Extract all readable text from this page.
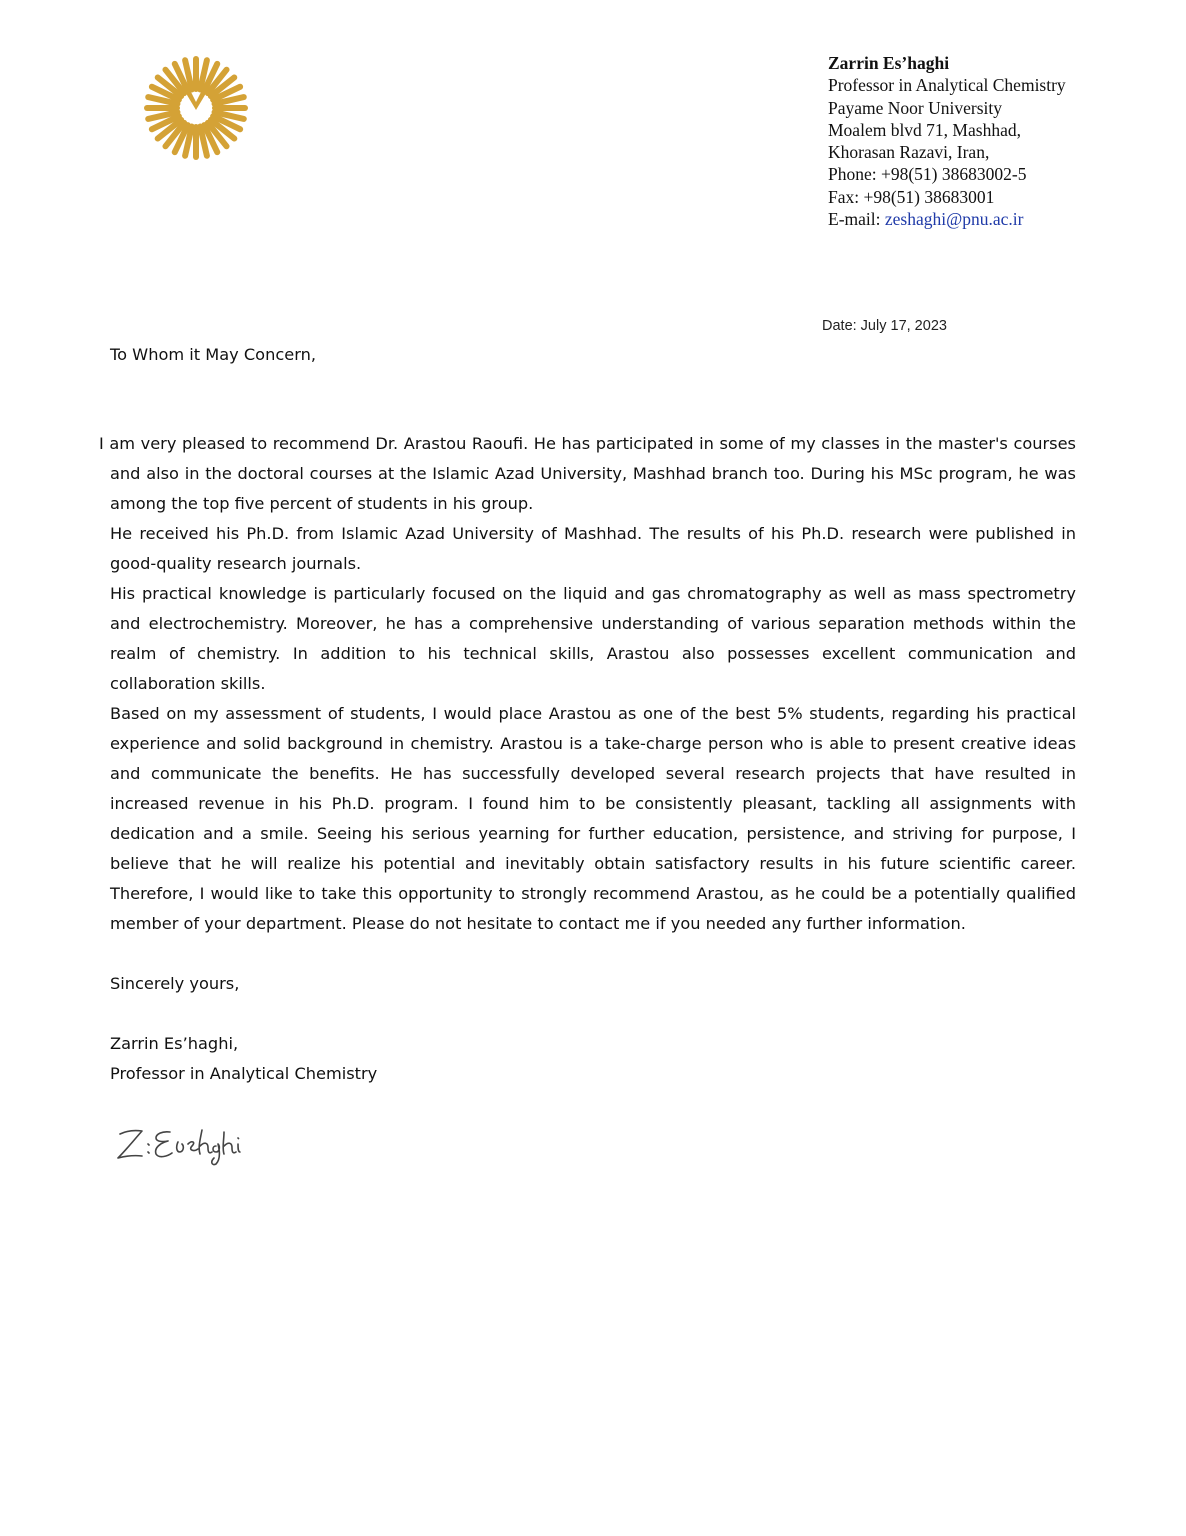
Zarrin Es’haghi
Professor in Analytical Chemistry
Payame Noor University
Moalem blvd 71, Mashhad,
Khorasan Razavi, Iran,
Phone: +98(51) 38683002-5
Fax: +98(51) 38683001
E-mail: zeshaghi@pnu.ac.ir
Date: July 17, 2023

To Whom it May Concern,

I am very pleased to recommend Dr. Arastou Raoufi. He has participated in some of my classes in the master's courses and also in the doctoral courses at the Islamic Azad University, Mashhad branch too. During his MSc program, he was among the top five percent of students in his group.

He received his Ph.D. from Islamic Azad University of Mashhad. The results of his Ph.D. research were published in good-quality research journals.

His practical knowledge is particularly focused on the liquid and gas chromatography as well as mass spectrometry and electrochemistry. Moreover, he has a comprehensive understanding of various separation methods within the realm of chemistry. In addition to his technical skills, Arastou also possesses excellent communication and collaboration skills.

Based on my assessment of students, I would place Arastou as one of the best 5% students, regarding his practical experience and solid background in chemistry. Arastou is a take-charge person who is able to present creative ideas and communicate the benefits. He has successfully developed several research projects that have resulted in increased revenue in his Ph.D. program. I found him to be consistently pleasant, tackling all assignments with dedication and a smile. Seeing his serious yearning for further education, persistence, and striving for purpose, I believe that he will realize his potential and inevitably obtain satisfactory results in his future scientific career. Therefore, I would like to take this opportunity to strongly recommend Arastou, as he could be a potentially qualified member of your department. Please do not hesitate to contact me if you needed any further information.

Sincerely yours,

Zarrin Es’haghi,

Professor in Analytical Chemistry
